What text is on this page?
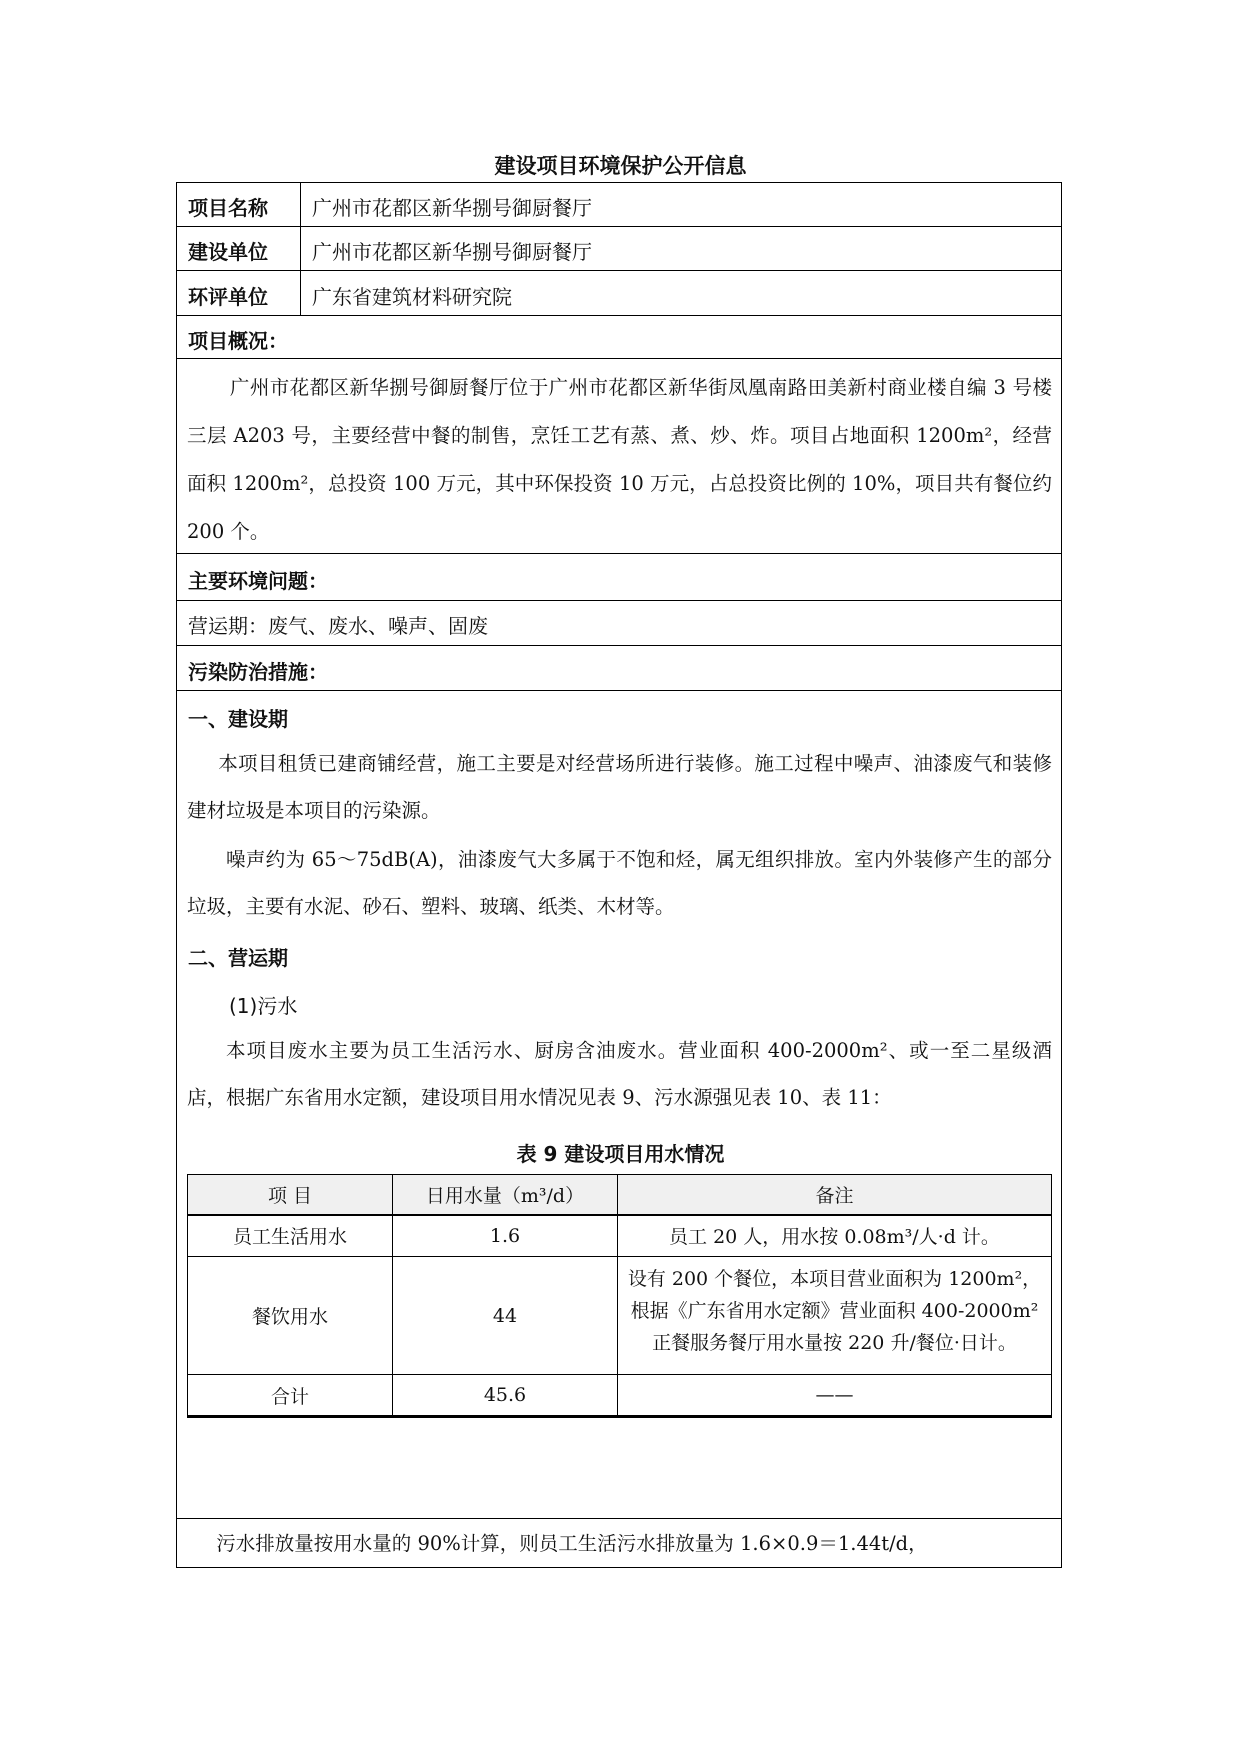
建设项目环境保护公开信息
项目名称 广州市花都区新华捌号御厨餐厅
建设单位 广州市花都区新华捌号御厨餐厅
环评单位 广东省建筑材料研究院
项目概况：
广州市花都区新华捌号御厨餐厅位于广州市花都区新华街凤凰南路田美新村商业楼自编 3 号楼三层 A203 号，主要经营中餐的制售，烹饪工艺有蒸、煮、炒、炸。项目占地面积 1200m²，经营面积 1200m²，总投资 100 万元，其中环保投资 10 万元，占总投资比例的 10%，项目共有餐位约 200 个。
主要环境问题：
营运期：废气、废水、噪声、固废
污染防治措施：
一、建设期
本项目租赁已建商铺经营，施工主要是对经营场所进行装修。施工过程中噪声、油漆废气和装修建材垃圾是本项目的污染源。
噪声约为 65～75dB(A)，油漆废气大多属于不饱和烃，属无组织排放。室内外装修产生的部分垃圾，主要有水泥、砂石、塑料、玻璃、纸类、木材等。
二、营运期
(1)污水
本项目废水主要为员工生活污水、厨房含油废水。营业面积 400-2000m²、或一至二星级酒店，根据广东省用水定额，建设项目用水情况见表 9、污水源强见表 10、表 11：
表 9 建设项目用水情况
项 目	日用水量（m³/d）	备注
员工生活用水	1.6	员工 20 人，用水按 0.08m³/人·d 计。
餐饮用水	44	设有 200 个餐位，本项目营业面积为 1200m²，根据《广东省用水定额》营业面积 400-2000m²正餐服务餐厅用水量按 220 升/餐位·日计。

合计	45.6	——
污水排放量按用水量的 90%计算，则员工生活污水排放量为 1.6×0.9＝1.44t/d，
